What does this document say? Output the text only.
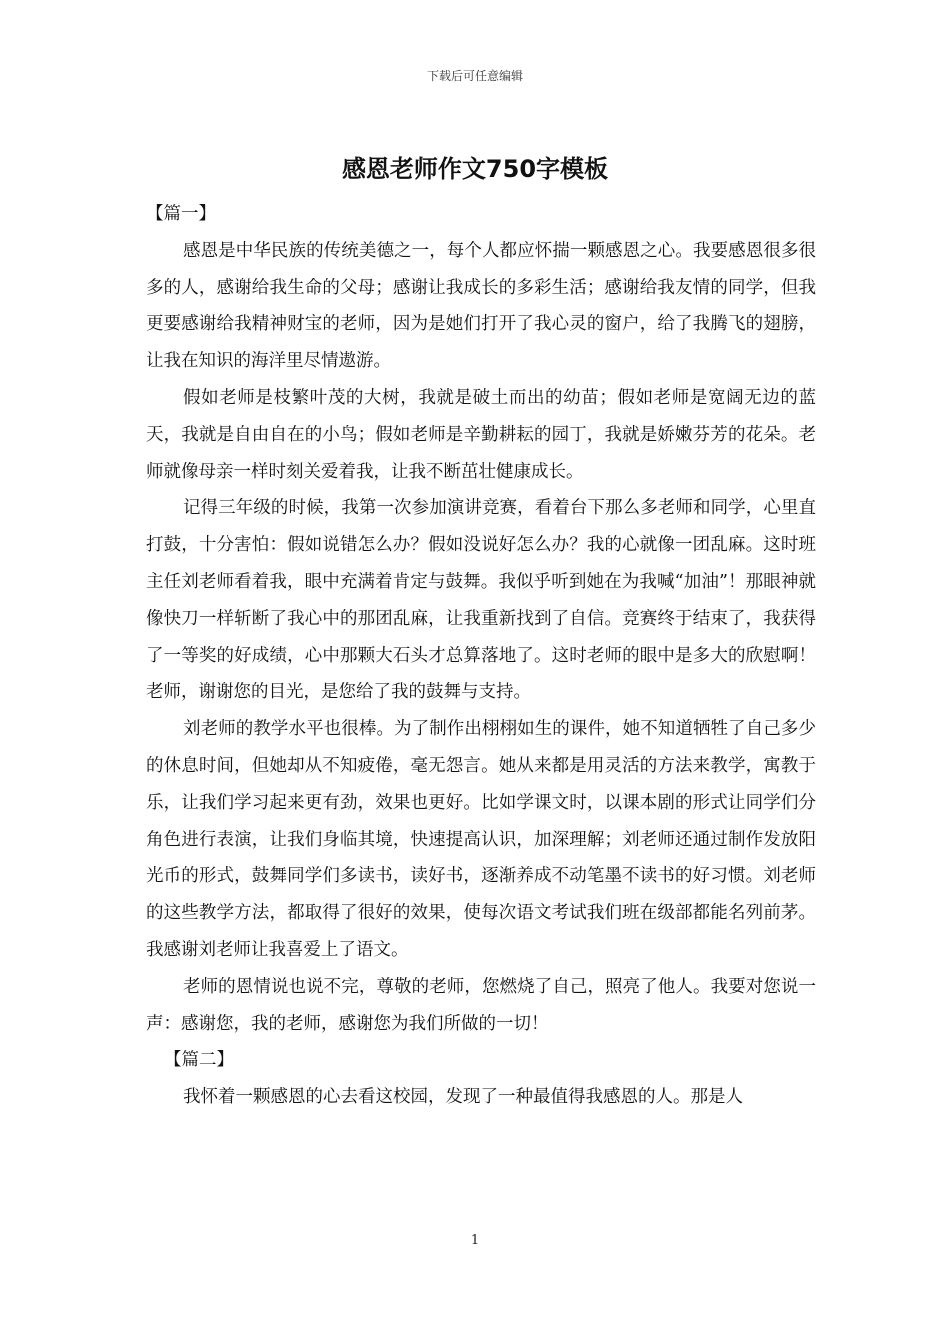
下载后可任意编辑
感恩老师作文750字模板

【篇一】

感恩是中华民族的传统美德之一，每个人都应怀揣一颗感恩之心。我要感恩很多很多的人，感谢给我生命的父母；感谢让我成长的多彩生活；感谢给我友情的同学，但我更要感谢给我精神财宝的老师，因为是她们打开了我心灵的窗户，给了我腾飞的翅膀，让我在知识的海洋里尽情遨游。

假如老师是枝繁叶茂的大树，我就是破土而出的幼苗；假如老师是宽阔无边的蓝天，我就是自由自在的小鸟；假如老师是辛勤耕耘的园丁，我就是娇嫩芬芳的花朵。老师就像母亲一样时刻关爱着我，让我不断茁壮健康成长。

记得三年级的时候，我第一次参加演讲竞赛，看着台下那么多老师和同学，心里直打鼓，十分害怕：假如说错怎么办？假如没说好怎么办？我的心就像一团乱麻。这时班主任刘老师看着我，眼中充满着肯定与鼓舞。我似乎听到她在为我喊“加油”！那眼神就像快刀一样斩断了我心中的那团乱麻，让我重新找到了自信。竞赛终于结束了，我获得了一等奖的好成绩，心中那颗大石头才总算落地了。这时老师的眼中是多大的欣慰啊！老师，谢谢您的目光，是您给了我的鼓舞与支持。

刘老师的教学水平也很棒。为了制作出栩栩如生的课件，她不知道牺牲了自己多少的休息时间，但她却从不知疲倦，毫无怨言。她从来都是用灵活的方法来教学，寓教于乐，让我们学习起来更有劲，效果也更好。比如学课文时，以课本剧的形式让同学们分角色进行表演，让我们身临其境，快速提高认识，加深理解；刘老师还通过制作发放阳光币的形式，鼓舞同学们多读书，读好书，逐渐养成不动笔墨不读书的好习惯。刘老师的这些教学方法，都取得了很好的效果，使每次语文考试我们班在级部都能名列前茅。我感谢刘老师让我喜爱上了语文。

老师的恩情说也说不完，尊敬的老师，您燃烧了自己，照亮了他人。我要对您说一声：感谢您，我的老师，感谢您为我们所做的一切！

【篇二】

我怀着一颗感恩的心去看这校园，发现了一种最值得我感恩的人。那是人

1
